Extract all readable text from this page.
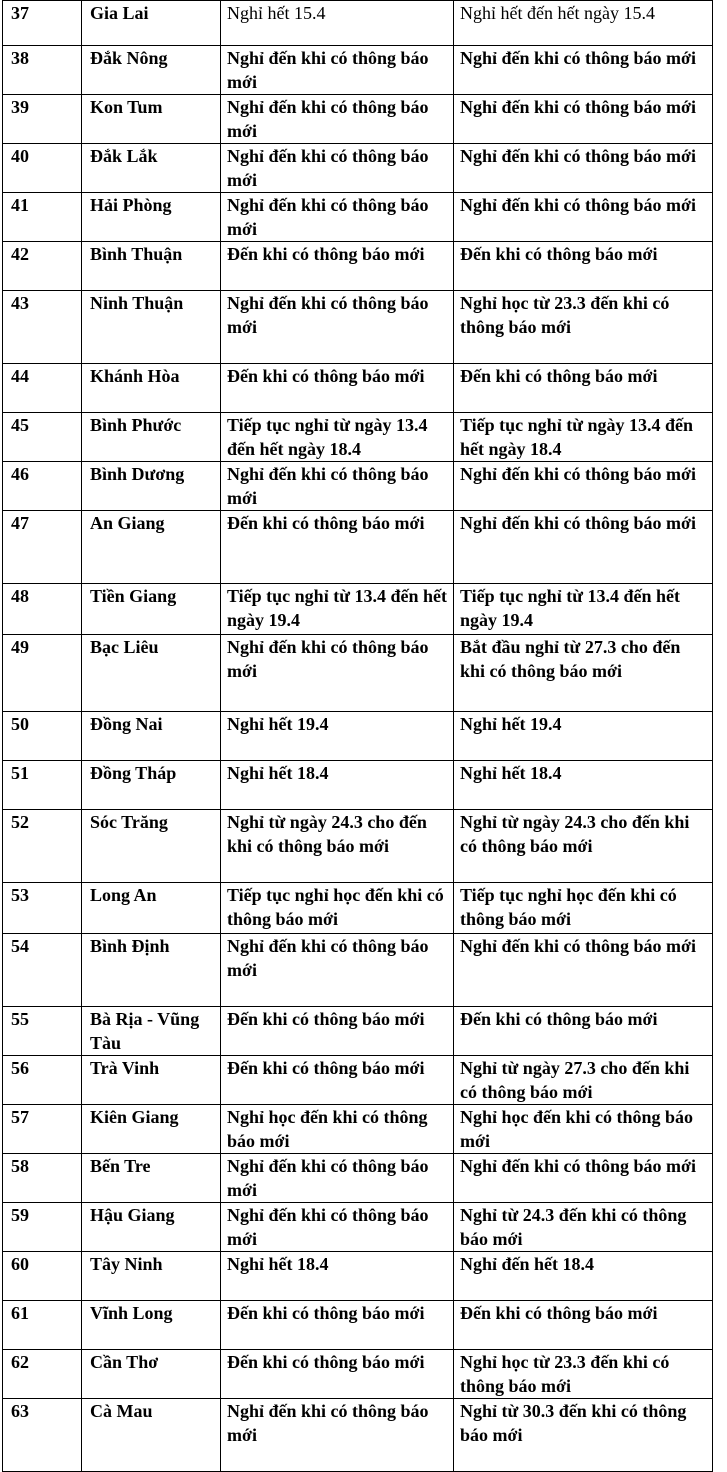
37	Gia Lai	Nghỉ hết 15.4	Nghỉ hết đến hết ngày 15.4
38	Đắk Nông	Nghỉ đến khi có thông báo mới	Nghỉ đến khi có thông báo mới
39	Kon Tum	Nghỉ đến khi có thông báo mới	Nghỉ đến khi có thông báo mới
40	Đắk Lắk	Nghỉ đến khi có thông báo mới	Nghỉ đến khi có thông báo mới
41	Hải Phòng	Nghỉ đến khi có thông báo mới	Nghỉ đến khi có thông báo mới
42	Bình Thuận	Đến khi có thông báo mới	Đến khi có thông báo mới
43	Ninh Thuận	Nghỉ đến khi có thông báo mới	Nghỉ học từ 23.3 đến khi có thông báo mới
44	Khánh Hòa	Đến khi có thông báo mới	Đến khi có thông báo mới
45	Bình Phước	Tiếp tục nghỉ từ ngày 13.4 đến hết ngày 18.4	Tiếp tục nghỉ từ ngày 13.4 đến hết ngày 18.4
46	Bình Dương	Nghỉ đến khi có thông báo mới	Nghỉ đến khi có thông báo mới
47	An Giang	Đến khi có thông báo mới	Nghỉ đến khi có thông báo mới
48	Tiền Giang	Tiếp tục nghỉ từ 13.4 đến hết ngày 19.4	Tiếp tục nghỉ từ 13.4 đến hết ngày 19.4
49	Bạc Liêu	Nghỉ đến khi có thông báo mới	Bắt đầu nghỉ từ 27.3 cho đến khi có thông báo mới
50	Đồng Nai	Nghỉ hết 19.4	Nghỉ hết 19.4
51	Đồng Tháp	Nghỉ hết 18.4	Nghỉ hết 18.4
52	Sóc Trăng	Nghỉ từ ngày 24.3 cho đến khi có thông báo mới	Nghỉ từ ngày 24.3 cho đến khi có thông báo mới
53	Long An	Tiếp tục nghỉ học đến khi có thông báo mới	Tiếp tục nghỉ học đến khi có thông báo mới
54	Bình Định	Nghỉ đến khi có thông báo mới	Nghỉ đến khi có thông báo mới
55	Bà Rịa - Vũng Tàu	Đến khi có thông báo mới	Đến khi có thông báo mới
56	Trà Vinh	Đến khi có thông báo mới	Nghỉ từ ngày 27.3 cho đến khi có thông báo mới
57	Kiên Giang	Nghỉ học đến khi có thông báo mới	Nghỉ học đến khi có thông báo mới
58	Bến Tre	Nghỉ đến khi có thông báo mới	Nghỉ đến khi có thông báo mới
59	Hậu Giang	Nghỉ đến khi có thông báo mới	Nghỉ từ 24.3 đến khi có thông báo mới
60	Tây Ninh	Nghỉ hết 18.4	Nghỉ đến hết 18.4
61	Vĩnh Long	Đến khi có thông báo mới	Đến khi có thông báo mới
62	Cần Thơ	Đến khi có thông báo mới	Nghỉ học từ 23.3 đến khi có thông báo mới
63	Cà Mau	Nghỉ đến khi có thông báo mới	Nghỉ từ 30.3 đến khi có thông báo mới
